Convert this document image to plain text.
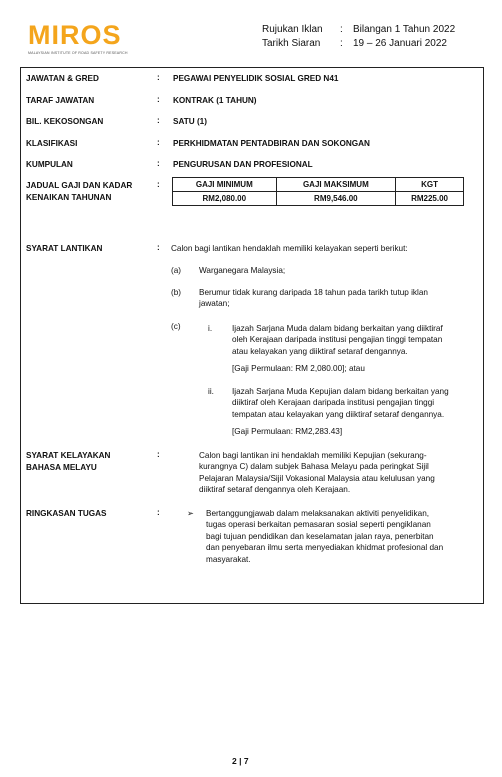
MIROS
MALAYSIAN INSTITUTE OF ROAD SAFETY RESEARCH
Rujukan Iklan : Bilangan 1 Tahun 2022
Tarikh Siaran : 19 – 26 Januari 2022
JAWATAN & GRED	: PEGAWAI PENYELIDIK SOSIAL GRED N41
TARAF JAWATAN	: KONTRAK (1 TAHUN)
BIL. KEKOSONGAN	: SATU (1)
KLASIFIKASI	: PERKHIDMATAN PENTADBIRAN DAN SOKONGAN
KUMPULAN	: PENGURUSAN DAN PROFESIONAL
JADUAL GAJI DAN KADAR
KENAIKAN TAHUNAN
:	GAJI MINIMUM	GAJI MAKSIMUM	KGT
RM2,080.00	RM9,546.00	RM225.00
SYARAT LANTIKAN	: Calon bagi lantikan hendaklah memiliki kelayakan seperti berikut:
(a) Warganegara Malaysia;
(b) Berumur tidak kurang daripada 18 tahun pada tarikh tutup iklan
jawatan;
(c)	i. Ijazah Sarjana Muda dalam bidang berkaitan yang diiktiraf
oleh Kerajaan daripada institusi pengajian tinggi tempatan
atau kelayakan yang diiktiraf setaraf dengannya.
[Gaji Permulaan: RM 2,080.00]; atau
ii. Ijazah Sarjana Muda Kepujian dalam bidang berkaitan yang
diiktiraf oleh Kerajaan daripada institusi pengajian tinggi
tempatan atau kelayakan yang diiktiraf setaraf dengannya.
[Gaji Permulaan: RM2,283.43]
SYARAT KELAYAKAN
BAHASA MELAYU
:	Calon bagi lantikan ini hendaklah memiliki Kepujian (sekurang-
kurangnya C) dalam subjek Bahasa Melayu pada peringkat Sijil
Pelajaran Malaysia/Sijil Vokasional Malaysia atau kelulusan yang
diiktiraf setaraf dengannya oleh Kerajaan.
RINGKASAN TUGAS	:	➢ Bertanggungjawab dalam melaksanakan aktiviti penyelidikan,
tugas operasi berkaitan pemasaran sosial seperti pengiklanan
bagi tujuan pendidikan dan keselamatan jalan raya, penerbitan
dan penyebaran ilmu serta menyediakan khidmat profesional dan
masyarakat.
2 | 7
